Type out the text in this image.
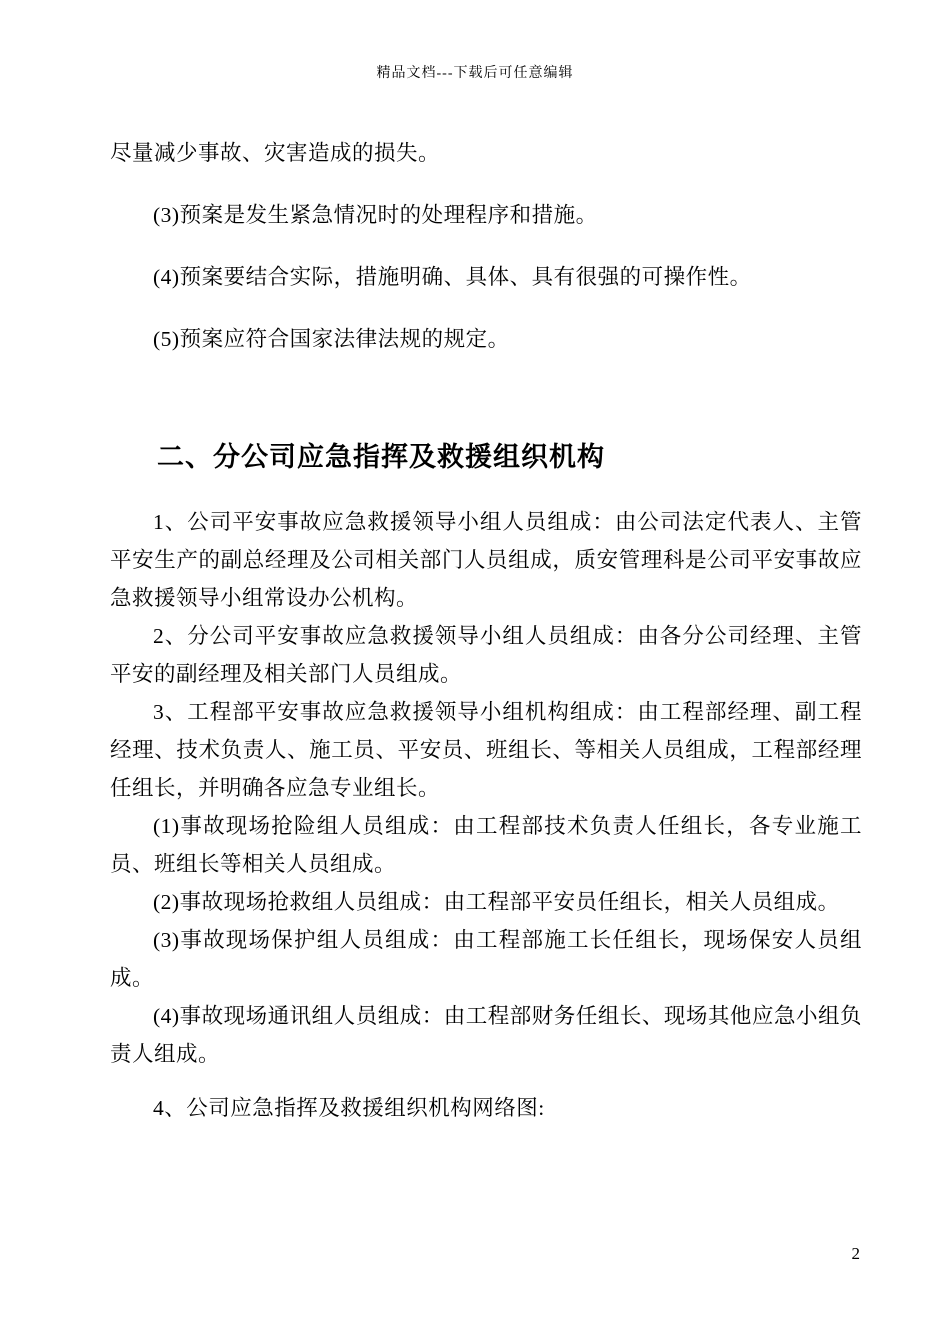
精品文档---下载后可任意编辑

尽量减少事故、灾害造成的损失。

(3)预案是发生紧急情况时的处理程序和措施。

(4)预案要结合实际，措施明确、具体、具有很强的可操作性。

(5)预案应符合国家法律法规的规定。

二、分公司应急指挥及救援组织机构

1、公司平安事故应急救援领导小组人员组成：由公司法定代表人、主管平安生产的副总经理及公司相关部门人员组成，质安管理科是公司平安事故应急救援领导小组常设办公机构。

2、分公司平安事故应急救援领导小组人员组成：由各分公司经理、主管平安的副经理及相关部门人员组成。

3、工程部平安事故应急救援领导小组机构组成：由工程部经理、副工程经理、技术负责人、施工员、平安员、班组长、等相关人员组成，工程部经理任组长，并明确各应急专业组长。

(1)事故现场抢险组人员组成：由工程部技术负责人任组长，各专业施工员、班组长等相关人员组成。

(2)事故现场抢救组人员组成：由工程部平安员任组长，相关人员组成。

(3)事故现场保护组人员组成：由工程部施工长任组长，现场保安人员组成。

(4)事故现场通讯组人员组成：由工程部财务任组长、现场其他应急小组负责人组成。

4、公司应急指挥及救援组织机构网络图:

2
